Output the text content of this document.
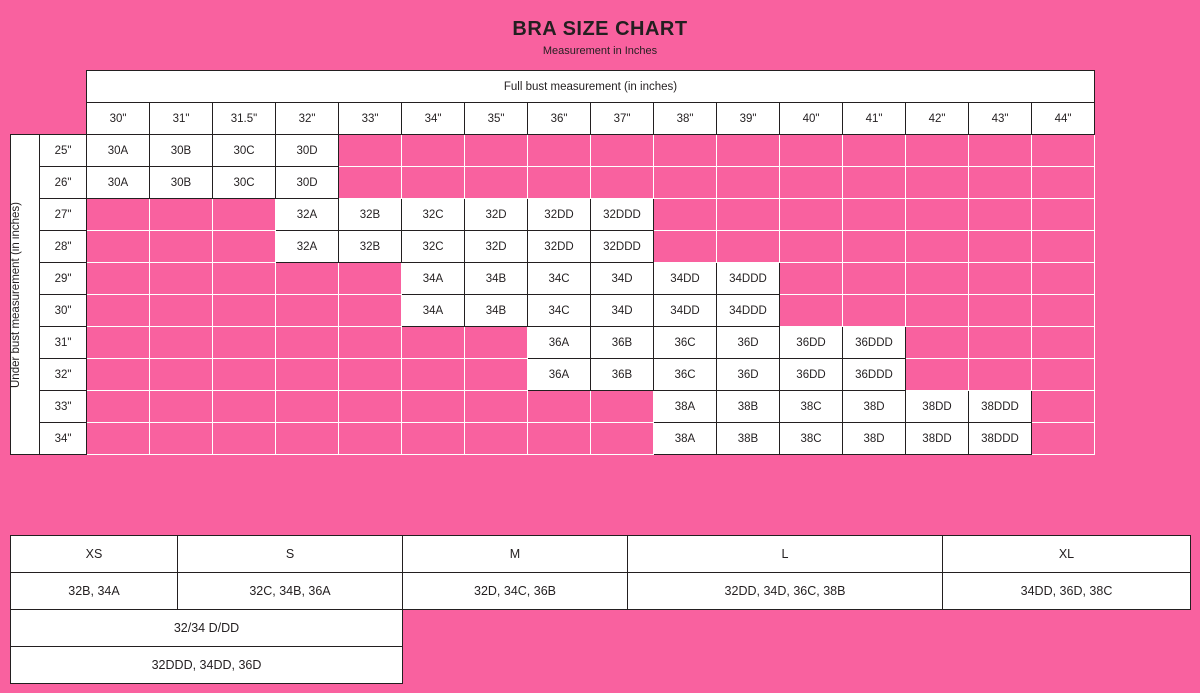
BRA SIZE CHART
Measurement in Inches
		Full bust measurement (in inches)															
		30"	31"	31.5"	32"	33"	34"	35"	36"	37"	38"	39"	40"	41"	42"	43"	44"

Under bust measurement (in inches)	25"	30A	30B	30C	30D												
	26"	30A	30B	30C	30D												
	27"				32A	32B	32C	32D	32DD	32DDD							
	28"				32A	32B	32C	32D	32DD	32DDD							
	29"						34A	34B	34C	34D	34DD	34DDD					
	30"						34A	34B	34C	34D	34DD	34DDD					
	31"								36A	36B	36C	36D	36DD	36DDD			
	32"								36A	36B	36C	36D	36DD	36DDD			
	33"										38A	38B	38C	38D	38DD	38DDD	
	34"										38A	38B	38C	38D	38DD	38DDD	
XS	S	M	L	XL
32B, 34A	32C, 34B, 36A	32D, 34C, 36B	32DD, 34D, 36C, 38B	34DD, 36D, 38C
32/34 D/DD				
32DDD, 34DD, 36D				
